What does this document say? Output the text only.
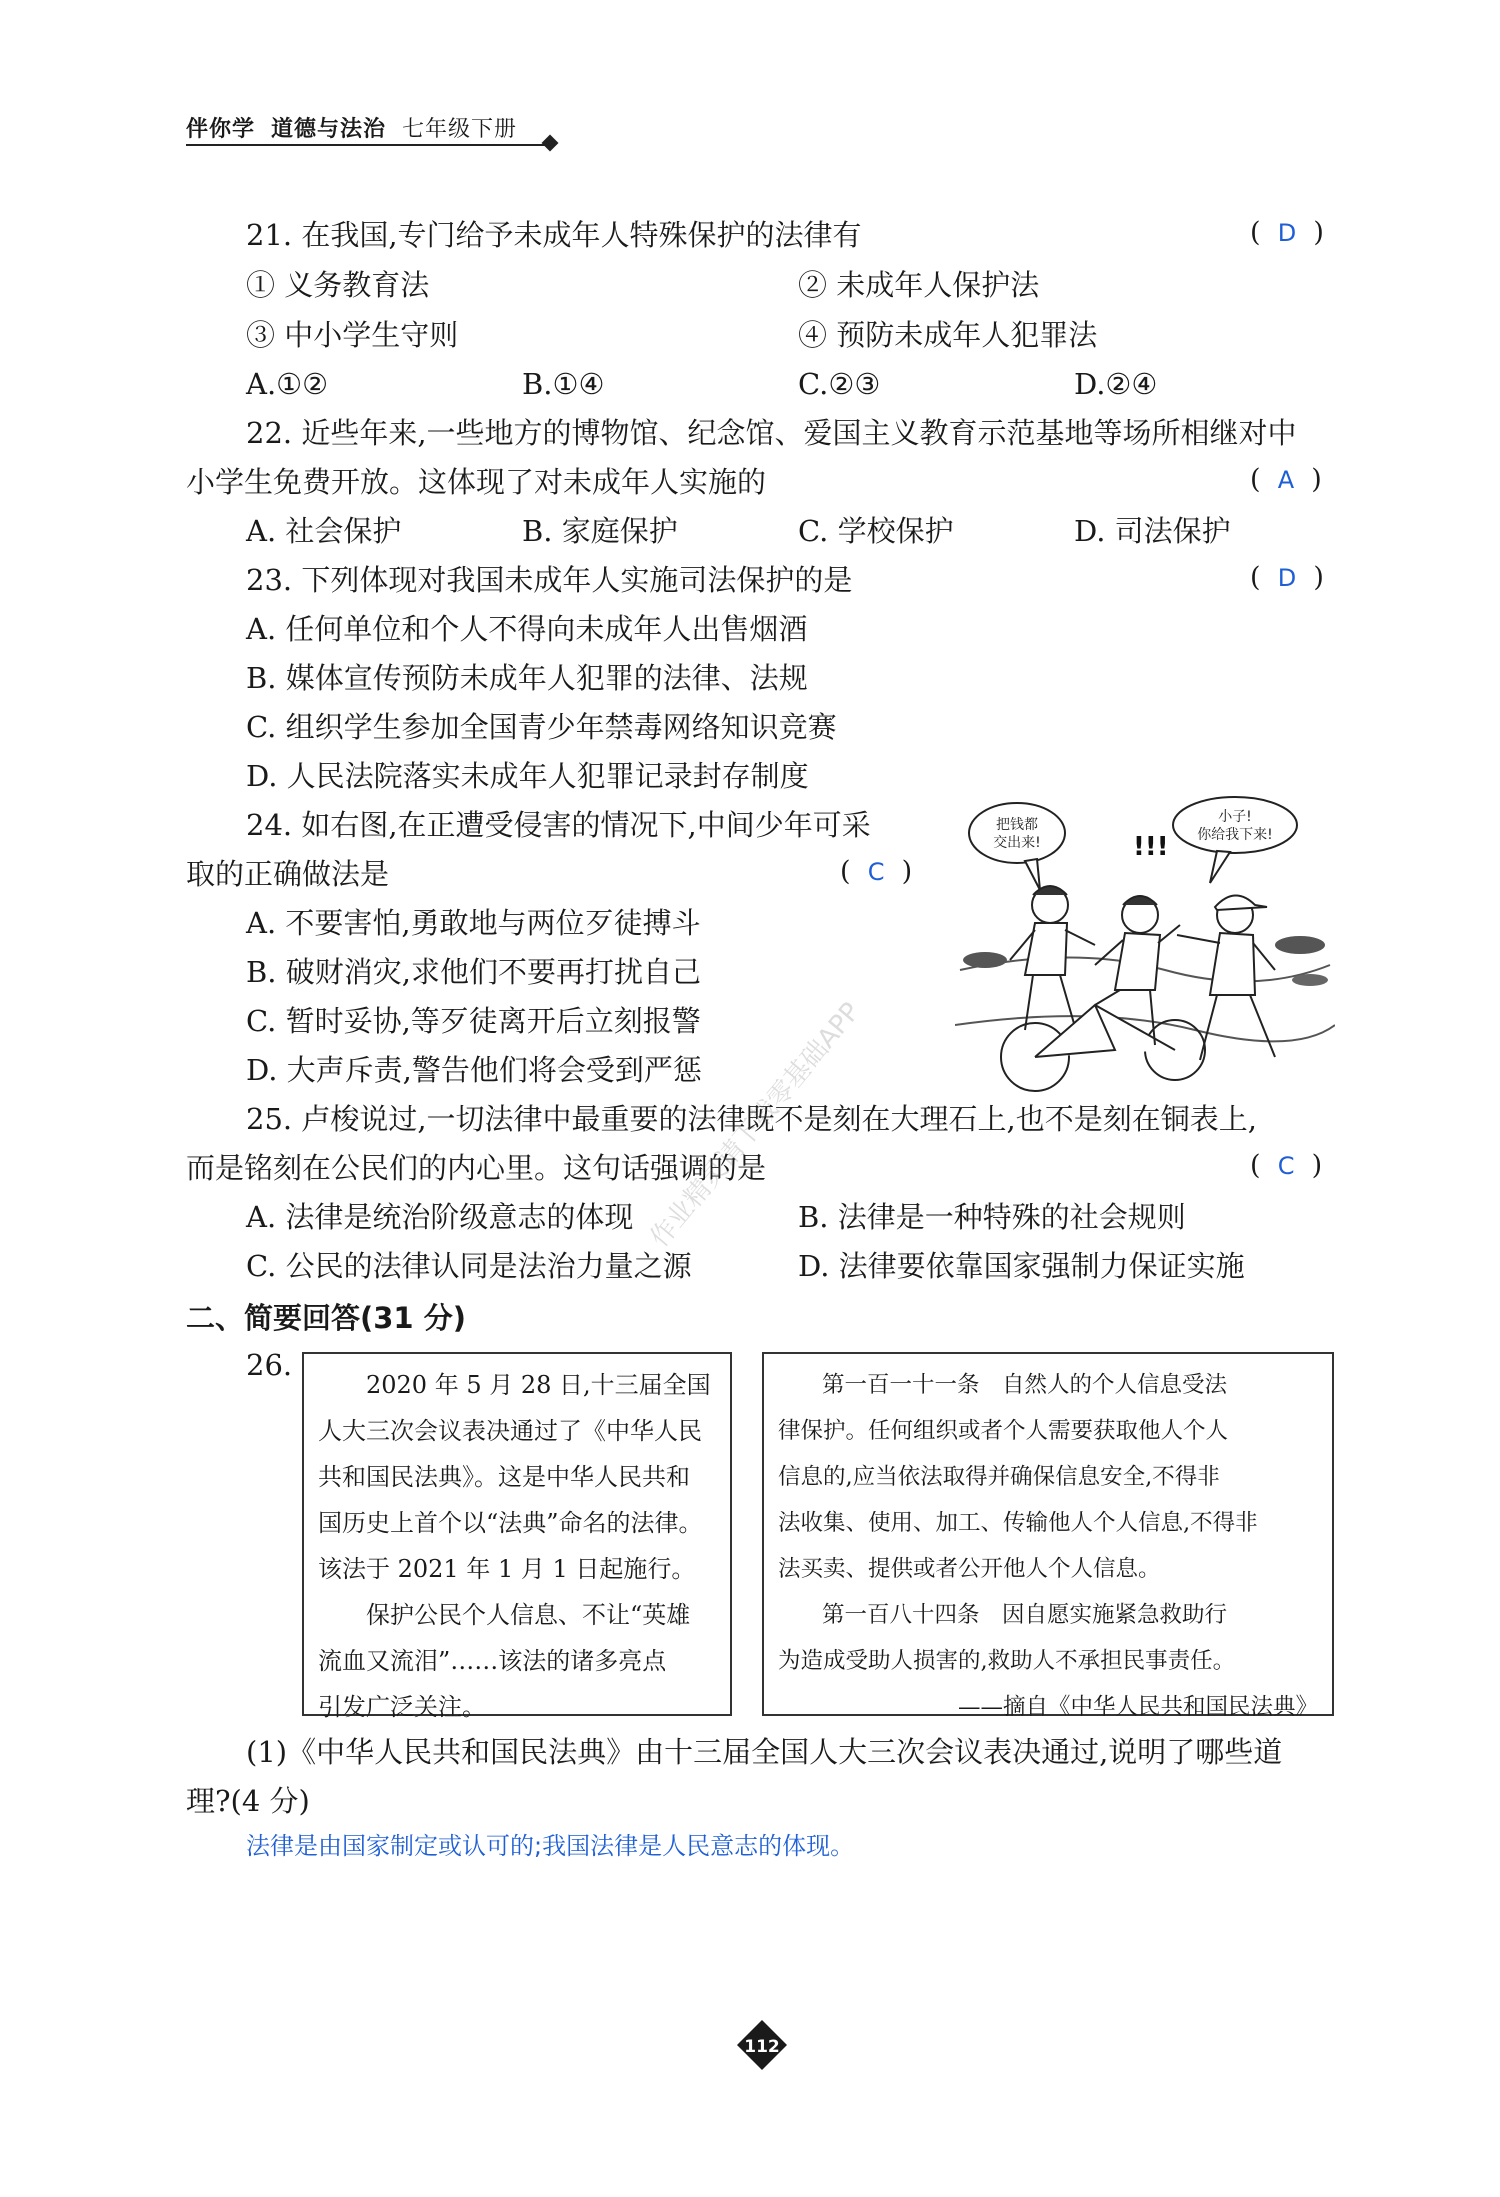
伴你学 道德与法治 七年级下册
21. 在我国,专门给予未成年人特殊保护的法律有	(  D  )
① 义务教育法	② 未成年人保护法
③ 中小学生守则	④ 预防未成年人犯罪法
A.①②	B.①④	C.②③	D.②④
22. 近些年来,一些地方的博物馆、纪念馆、爱国主义教育示范基地等场所相继对中
小学生免费开放。这体现了对未成年人实施的	(  A  )
A. 社会保护	B. 家庭保护	C. 学校保护	D. 司法保护
23. 下列体现对我国未成年人实施司法保护的是	(  D  )
A. 任何单位和个人不得向未成年人出售烟酒
B. 媒体宣传预防未成年人犯罪的法律、法规
C. 组织学生参加全国青少年禁毒网络知识竞赛
D. 人民法院落实未成年人犯罪记录封存制度
24. 如右图,在正遭受侵害的情况下,中间少年可采
取的正确做法是	(  C  )
A. 不要害怕,勇敢地与两位歹徒搏斗
B. 破财消灾,求他们不要再打扰自己
C. 暂时妥协,等歹徒离开后立刻报警
D. 大声斥责,警告他们将会受到严惩
把钱都
交出来!
小子!
你给我下来!
!!!
25. 卢梭说过,一切法律中最重要的法律既不是刻在大理石上,也不是刻在铜表上,
而是铭刻在公民们的内心里。这句话强调的是	(  C  )
A. 法律是统治阶级意志的体现	B. 法律是一种特殊的社会规则
C. 公民的法律认同是法治力量之源	D. 法律要依靠国家强制力保证实施
二、简要回答(31 分)
26.

2020 年 5 月 28 日,十三届全国

人大三次会议表决通过了《中华人民

共和国民法典》。这是中华人民共和

国历史上首个以“法典”命名的法律。

该法于 2021 年 1 月 1 日起施行。

保护公民个人信息、不让“英雄

流血又流泪”……该法的诸多亮点

引发广泛关注。

第一百一十一条　自然人的个人信息受法

律保护。任何组织或者个人需要获取他人个人

信息的,应当依法取得并确保信息安全,不得非

法收集、使用、加工、传输他人个人信息,不得非

法买卖、提供或者公开他人个人信息。

第一百八十四条　因自愿实施紧急救助行

为造成受助人损害的,救助人不承担民事责任。

——摘自《中华人民共和国民法典》

(1)《中华人民共和国民法典》由十三届全国人大三次会议表决通过,说明了哪些道
理?(4 分)
法律是由国家制定或认可的;我国法律是人民意志的体现。
作业精灵请下载零基础APP
112
